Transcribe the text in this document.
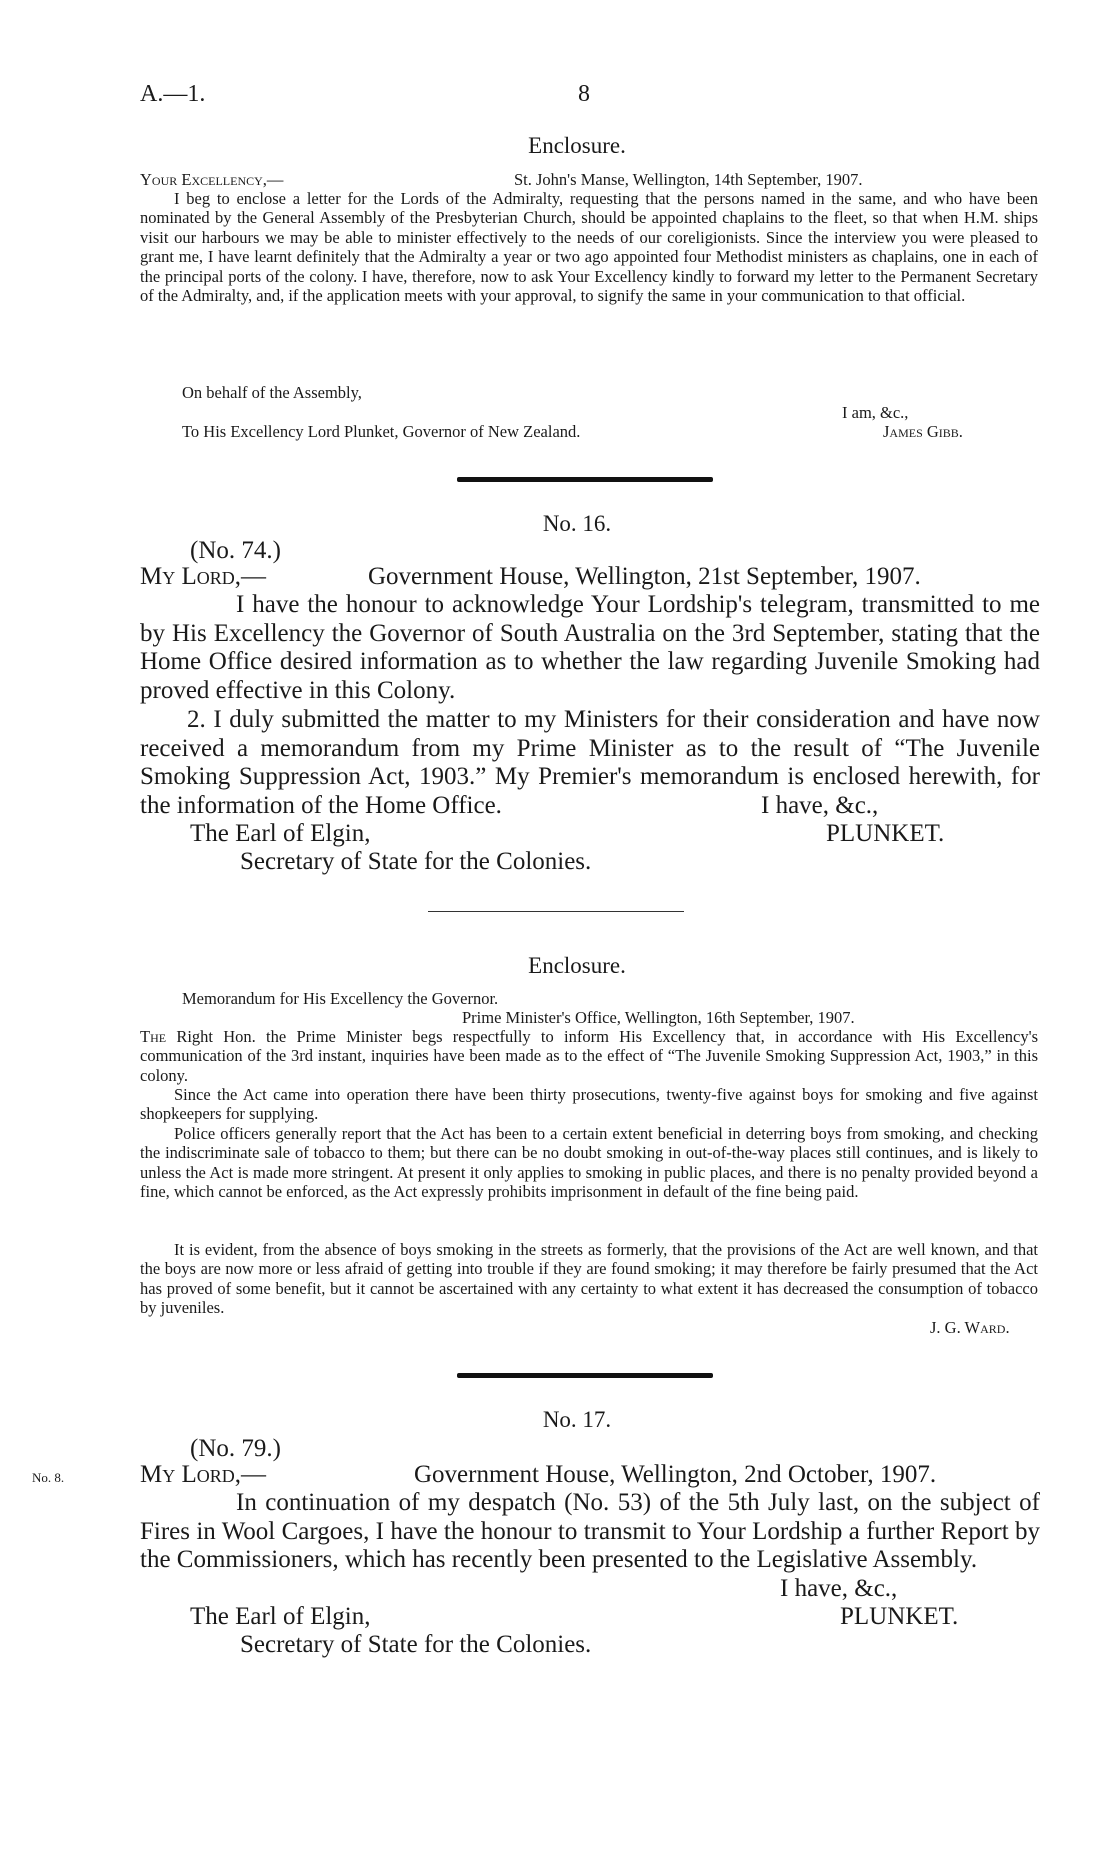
A.—1.	8
Enclosure.
Your Excellency,—	St. John's Manse, Wellington, 14th September, 1907.
I beg to enclose a letter for the Lords of the Admiralty, requesting that the persons named in the same, and who have been nominated by the General Assembly of the Presbyterian Church, should be appointed chaplains to the fleet, so that when H.M. ships visit our harbours we may be able to minister effectively to the needs of our coreligionists. Since the interview you were pleased to grant me, I have learnt definitely that the Admiralty a year or two ago appointed four Methodist ministers as chaplains, one in each of the principal ports of the colony. I have, therefore, now to ask Your Excellency kindly to forward my letter to the Permanent Secretary of the Admiralty, and, if the application meets with your approval, to signify the same in your communication to that official.
On behalf of the Assembly,
I am, &c.,
To His Excellency Lord Plunket, Governor of New Zealand.	James Gibb.
No. 16.
(No. 74.)
My Lord,—	Government House, Wellington, 21st September, 1907.
I have the honour to acknowledge Your Lordship's telegram, transmitted to me by His Excellency the Governor of South Australia on the 3rd September, stating that the Home Office desired information as to whether the law regarding Juvenile Smoking had proved effective in this Colony.
2. I duly submitted the matter to my Ministers for their consideration and have now received a memorandum from my Prime Minister as to the result of “The Juvenile Smoking Suppression Act, 1903.” My Premier's memorandum is enclosed herewith, for the information of the Home Office.	I have, &c.,
The Earl of Elgin,	PLUNKET.
Secretary of State for the Colonies.
Enclosure.
Memorandum for His Excellency the Governor.
Prime Minister's Office, Wellington, 16th September, 1907.
The Right Hon. the Prime Minister begs respectfully to inform His Excellency that, in accordance with His Excellency's communication of the 3rd instant, inquiries have been made as to the effect of “The Juvenile Smoking Suppression Act, 1903,” in this colony.
Since the Act came into operation there have been thirty prosecutions, twenty-five against boys for smoking and five against shopkeepers for supplying.
Police officers generally report that the Act has been to a certain extent beneficial in deterring boys from smoking, and checking the indiscriminate sale of tobacco to them; but there can be no doubt smoking in out-of-the-way places still continues, and is likely to unless the Act is made more stringent. At present it only applies to smoking in public places, and there is no penalty provided beyond a fine, which cannot be enforced, as the Act expressly prohibits imprisonment in default of the fine being paid.
It is evident, from the absence of boys smoking in the streets as formerly, that the provisions of the Act are well known, and that the boys are now more or less afraid of getting into trouble if they are found smoking; it may therefore be fairly presumed that the Act has proved of some benefit, but it cannot be ascertained with any certainty to what extent it has decreased the consumption of tobacco by juveniles.
J. G. Ward.
No. 17.
(No. 79.)
No. 8.	My Lord,—	Government House, Wellington, 2nd October, 1907.
In continuation of my despatch (No. 53) of the 5th July last, on the subject of Fires in Wool Cargoes, I have the honour to transmit to Your Lordship a further Report by the Commissioners, which has recently been presented to the Legislative Assembly.
I have, &c.,
The Earl of Elgin,	PLUNKET.
Secretary of State for the Colonies.
